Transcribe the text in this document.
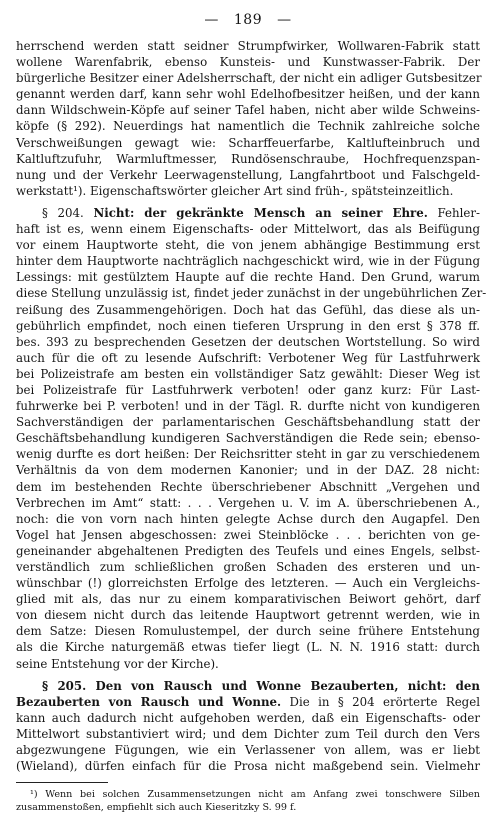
— 189 —
herrschend werden statt seidner Strumpfwirker, Wollwaren-Fabrik statt
wollene Warenfabrik, ebenso Kunsteis- und Kunstwasser-Fabrik. Der
bürgerliche Besitzer einer Adelsherrschaft, der nicht ein adliger Gutsbesitzer
genannt werden darf, kann sehr wohl Edelhofbesitzer heißen, und der kann
dann Wildschwein-Köpfe auf seiner Tafel haben, nicht aber wilde Schweins-
köpfe (§ 292). Neuerdings hat namentlich die Technik zahlreiche solche
Verschweißungen gewagt wie: Scharffeuerfarbe, Kaltlufteinbruch und
Kaltluftzufuhr, Warmluftmesser, Rundösenschraube, Hochfrequenzspan-
nung und der Verkehr Leerwagenstellung, Langfahrtboot und Falschgeld-
werkstatt¹). Eigenschaftswörter gleicher Art sind früh-, spätsteinzeitlich.
§ 204. Nicht: der gekränkte Mensch an seiner Ehre. Fehler-
haft ist es, wenn einem Eigenschafts- oder Mittelwort, das als Beifügung
vor einem Hauptworte steht, die von jenem abhängige Bestimmung erst
hinter dem Hauptworte nachträglich nachgeschickt wird, wie in der Fügung
Lessings: mit gestülztem Haupte auf die rechte Hand. Den Grund, warum
diese Stellung unzulässig ist, findet jeder zunächst in der ungebührlichen Zer-
reißung des Zusammengehörigen. Doch hat das Gefühl, das diese als un-
gebührlich empfindet, noch einen tieferen Ursprung in den erst § 378 ff.
bes. 393 zu besprechenden Gesetzen der deutschen Wortstellung. So wird
auch für die oft zu lesende Aufschrift: Verbotener Weg für Lastfuhrwerk
bei Polizeistrafe am besten ein vollständiger Satz gewählt: Dieser Weg ist
bei Polizeistrafe für Lastfuhrwerk verboten! oder ganz kurz: Für Last-
fuhrwerke bei P. verboten! und in der Tägl. R. durfte nicht von kundigeren
Sachverständigen der parlamentarischen Geschäftsbehandlung statt der
Geschäftsbehandlung kundigeren Sachverständigen die Rede sein; ebenso-
wenig durfte es dort heißen: Der Reichsritter steht in gar zu verschiedenem
Verhältnis da von dem modernen Kanonier; und in der DAZ. 28 nicht:
dem im bestehenden Rechte überschriebener Abschnitt „Vergehen und
Verbrechen im Amt“ statt: . . . Vergehen u. V. im A. überschriebenen A.,
noch: die von vorn nach hinten gelegte Achse durch den Augapfel. Den
Vogel hat Jensen abgeschossen: zwei Steinblöcke . . . berichten von ge-
geneinander abgehaltenen Predigten des Teufels und eines Engels, selbst-
verständlich zum schließlichen großen Schaden des ersteren und un-
wünschbar (!) glorreichsten Erfolge des letzteren. — Auch ein Vergleichs-
glied mit als, das nur zu einem komparativischen Beiwort gehört, darf
von diesem nicht durch das leitende Hauptwort getrennt werden, wie in
dem Satze: Diesen Romulustempel, der durch seine frühere Entstehung
als die Kirche naturgemäß etwas tiefer liegt (L. N. N. 1916 statt: durch
seine Entstehung vor der Kirche).
§ 205. Den von Rausch und Wonne Bezauberten, nicht: den
Bezauberten von Rausch und Wonne. Die in § 204 erörterte Regel
kann auch dadurch nicht aufgehoben werden, daß ein Eigenschafts- oder
Mittelwort substantiviert wird; und dem Dichter zum Teil durch den Vers
abgezwungene Fügungen, wie ein Verlassener von allem, was er liebt
(Wieland), dürfen einfach für die Prosa nicht maßgebend sein. Vielmehr
¹) Wenn bei solchen Zusammensetzungen nicht am Anfang zwei tonschwere Silben
zusammenstoßen, empfiehlt sich auch Kieseritzky S. 99 f.
